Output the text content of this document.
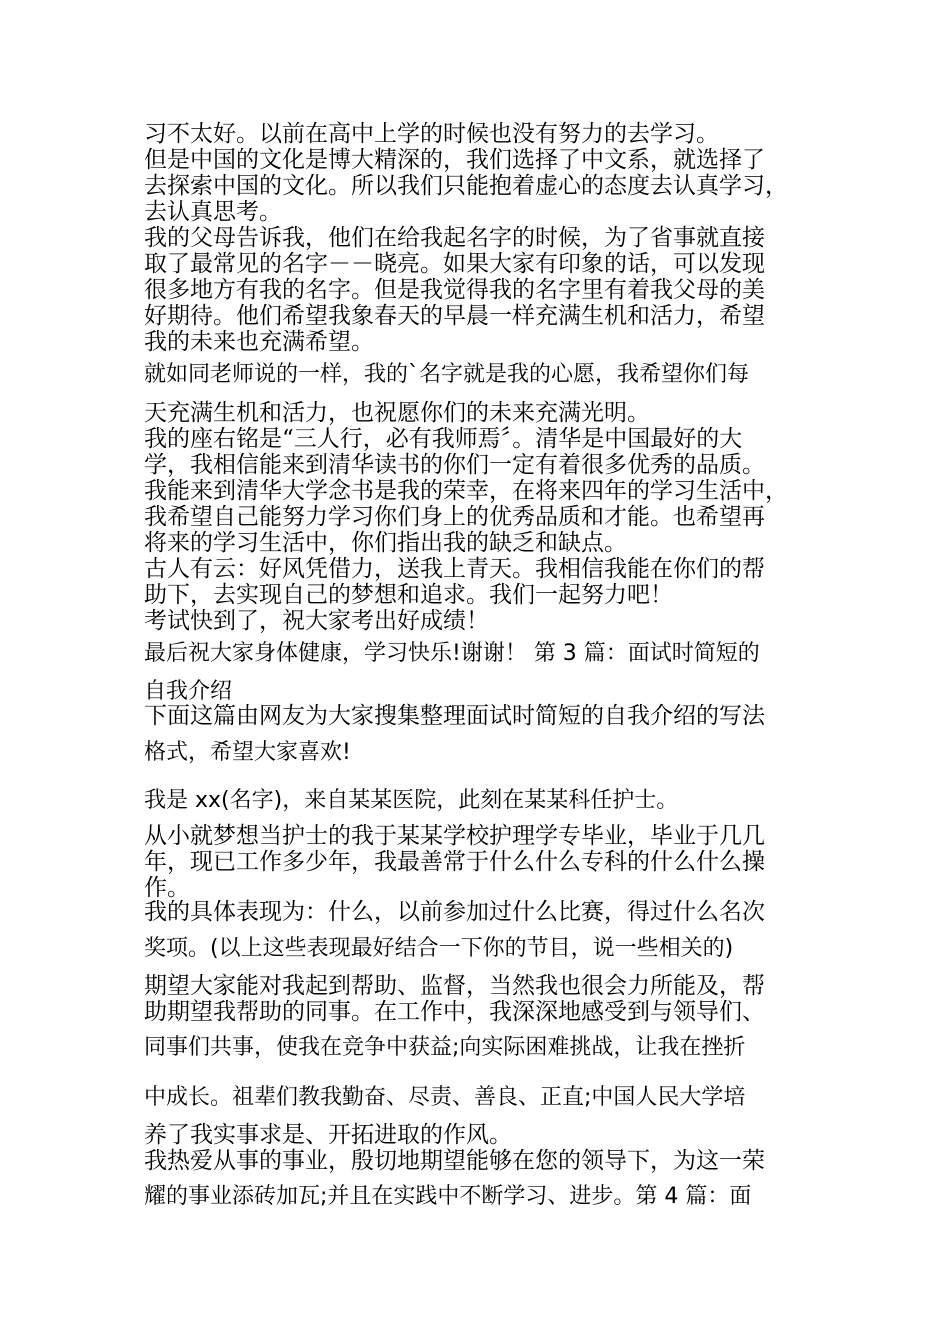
习不太好。以前在高中上学的时候也没有努力的去学习。

但是中国的文化是博大精深的，我们选择了中文系，就选择了

去探索中国的文化。所以我们只能抱着虚心的态度去认真学习，

去认真思考。

我的父母告诉我，他们在给我起名字的时候，为了省事就直接

取了最常见的名字－－晓亮。如果大家有印象的话，可以发现

很多地方有我的名字。但是我觉得我的名字里有着我父母的美

好期待。他们希望我象春天的早晨一样充满生机和活力，希望

我的未来也充满希望。

就如同老师说的一样，我的`名字就是我的心愿，我希望你们每

天充满生机和活力，也祝愿你们的未来充满光明。

我的座右铭是“三人行，必有我师焉〞。清华是中国最好的大

学，我相信能来到清华读书的你们一定有着很多优秀的品质。

我能来到清华大学念书是我的荣幸，在将来四年的学习生活中，

我希望自己能努力学习你们身上的优秀品质和才能。也希望再

将来的学习生活中，你们指出我的缺乏和缺点。

古人有云：好风凭借力，送我上青天。我相信我能在你们的帮

助下，去实现自己的梦想和追求。我们一起努力吧！

考试快到了，祝大家考出好成绩！

最后祝大家身体健康，学习快乐!谢谢！ 第 3 篇：面试时简短的

自我介绍

下面这篇由网友为大家搜集整理面试时简短的自我介绍的写法

格式，希望大家喜欢!

我是 xx(名字)，来自某某医院，此刻在某某科任护士。

从小就梦想当护士的我于某某学校护理学专毕业，毕业于几几

年，现已工作多少年，我最善常于什么什么专科的什么什么操

作。

我的具体表现为：什么，以前参加过什么比赛，得过什么名次

奖项。(以上这些表现最好结合一下你的节目，说一些相关的)

期望大家能对我起到帮助、监督，当然我也很会力所能及，帮

助期望我帮助的同事。在工作中，我深深地感受到与领导们、

同事们共事，使我在竞争中获益;向实际困难挑战，让我在挫折

中成长。祖辈们教我勤奋、尽责、善良、正直;中国人民大学培

养了我实事求是、开拓进取的作风。

我热爱从事的事业，殷切地期望能够在您的领导下，为这一荣

耀的事业添砖加瓦;并且在实践中不断学习、进步。第 4 篇：面
